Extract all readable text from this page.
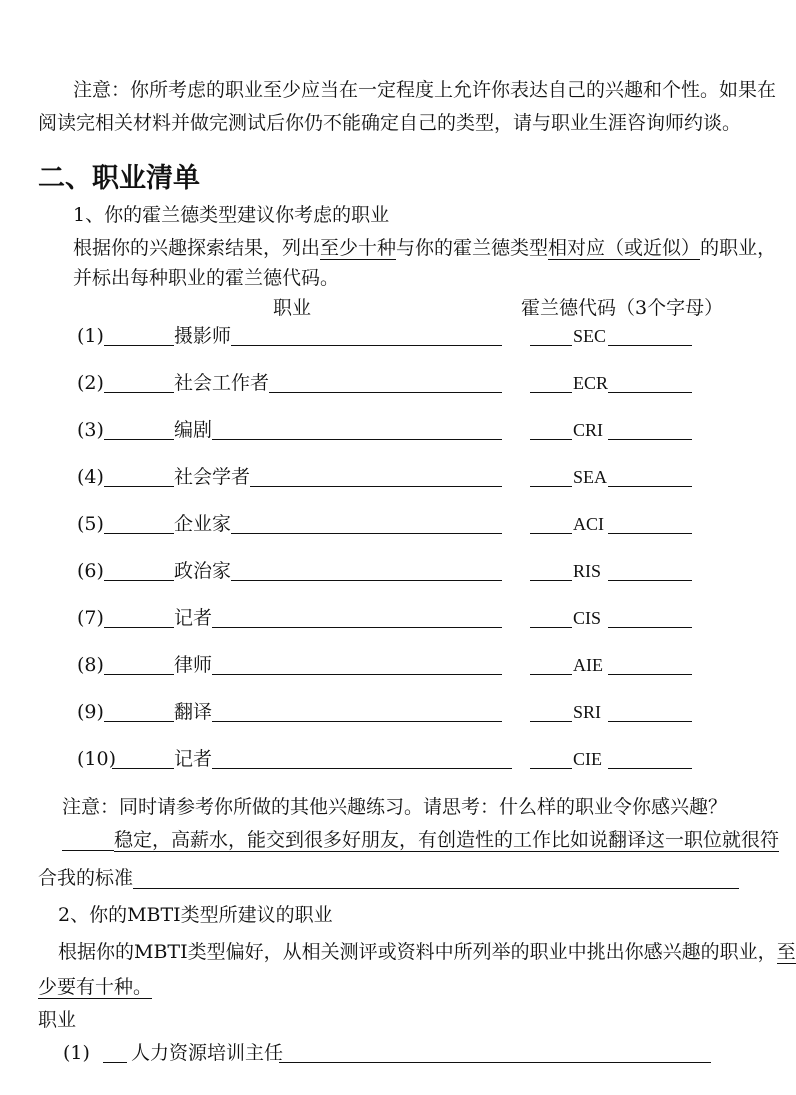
注意：你所考虑的职业至少应当在一定程度上允许你表达自己的兴趣和个性。如果在
阅读完相关材料并做完测试后你仍不能确定自己的类型，请与职业生涯咨询师约谈。
二、职业清单
1、你的霍兰德类型建议你考虑的职业
根据你的兴趣探索结果，列出至少十种与你的霍兰德类型相对应（或近似）的职业，
并标出每种职业的霍兰德代码。
职业	霍兰德代码（3个字母）
(1)	摄影师	SEC
(2)	社会工作者	ECR
(3)	编剧	CRI
(4)	社会学者	SEA
(5)	企业家	ACI
(6)	政治家	RIS
(7)	记者	CIS
(8)	律师	AIE
(9)	翻译	SRI
(10)	记者	CIE
注意：同时请参考你所做的其他兴趣练习。请思考：什么样的职业令你感兴趣？
稳定，高薪水，能交到很多好朋友，有创造性的工作比如说翻译这一职位就很符
合我的标准
2、你的MBTI类型所建议的职业
根据你的MBTI类型偏好，从相关测评或资料中所列举的职业中挑出你感兴趣的职业，至
少要有十种。
职业
(1) 人力资源培训主任
